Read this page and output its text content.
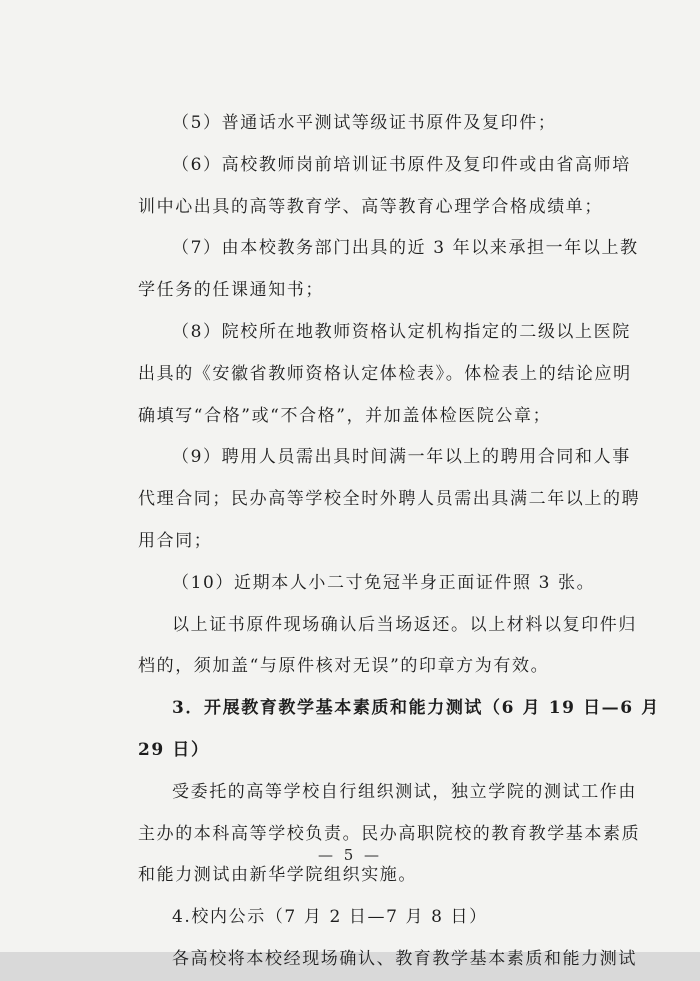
（5）普通话水平测试等级证书原件及复印件；
（6）高校教师岗前培训证书原件及复印件或由省高师培
训中心出具的高等教育学、高等教育心理学合格成绩单；
（7）由本校教务部门出具的近 3 年以来承担一年以上教
学任务的任课通知书；
（8）院校所在地教师资格认定机构指定的二级以上医院
出具的《安徽省教师资格认定体检表》。体检表上的结论应明
确填写“合格”或“不合格”，并加盖体检医院公章；
（9）聘用人员需出具时间满一年以上的聘用合同和人事
代理合同；民办高等学校全时外聘人员需出具满二年以上的聘
用合同；
（10）近期本人小二寸免冠半身正面证件照 3 张。
以上证书原件现场确认后当场返还。以上材料以复印件归
档的，须加盖“与原件核对无误”的印章方为有效。
3．开展教育教学基本素质和能力测试（6 月 19 日—6 月
29 日）
受委托的高等学校自行组织测试，独立学院的测试工作由
主办的本科高等学校负责。民办高职院校的教育教学基本素质
和能力测试由新华学院组织实施。
4.校内公示（7 月 2 日—7 月 8 日）
各高校将本校经现场确认、教育教学基本素质和能力测试
— 5 —
